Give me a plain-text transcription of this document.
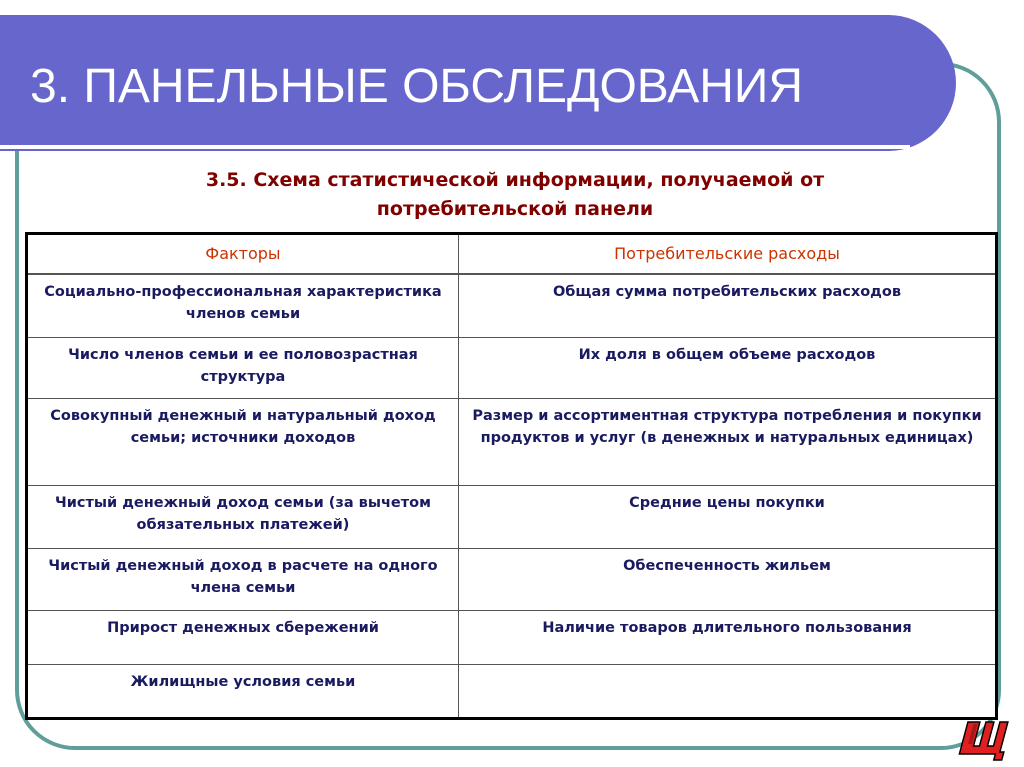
3. ПАНЕЛЬНЫЕ ОБСЛЕДОВАНИЯ
3.5. Схема статистической информации, получаемой от
потребительской панели
Факторы	Потребительские расходы
Социально-профессиональная характеристика членов семьи	Общая сумма потребительских расходов
Число членов семьи и ее половозрастная структура	Их доля в общем объеме расходов
Совокупный денежный и натуральный доход семьи; источники доходов	Размер и ассортиментная структура потребления и покупки продуктов и услуг (в денежных и натуральных единицах)
Чистый денежный доход семьи (за вычетом обязательных платежей)	Средние цены покупки
Чистый денежный доход в расчете на одного члена семьи	Обеспеченность жильем
Прирост денежных сбережений	Наличие товаров длительного пользования
Жилищные условия семьи	
